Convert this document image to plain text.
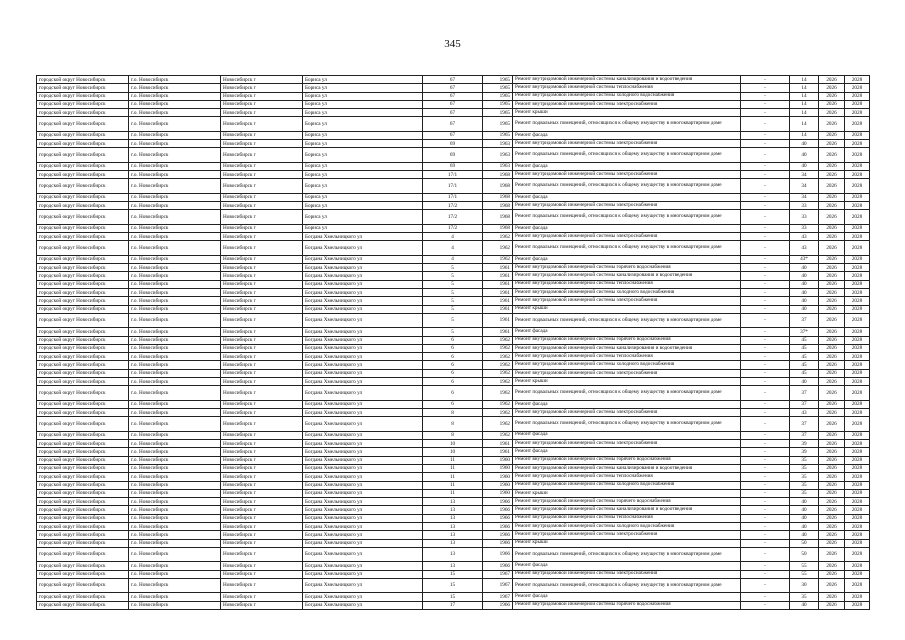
345
городской округ Новосибирск	г.о. Новосибирск	Новосибирск г	Бориса ул	67	1965	Ремонт внутридомовой инженерной системы канализирования и водоотведения	-	14	2026	2028
городской округ Новосибирск	г.о. Новосибирск	Новосибирск г	Бориса ул	67	1965	Ремонт внутридомовой инженерной системы теплоснабжения	-	14	2026	2028
городской округ Новосибирск	г.о. Новосибирск	Новосибирск г	Бориса ул	67	1965	Ремонт внутридомовой инженерной системы холодного водоснабжения	-	14	2026	2028
городской округ Новосибирск	г.о. Новосибирск	Новосибирск г	Бориса ул	67	1965	Ремонт внутридомовой инженерной системы электроснабжения	-	14	2026	2028
городской округ Новосибирск	г.о. Новосибирск	Новосибирск г	Бориса ул	67	1965	Ремонт крыши	-	14	2026	2028
городской округ Новосибирск	г.о. Новосибирск	Новосибирск г	Бориса ул	67	1965	Ремонт подвальных помещений, относящихся к общему имуществу в многоквартирном доме	-	14	2026	2028
городской округ Новосибирск	г.о. Новосибирск	Новосибирск г	Бориса ул	67	1965	Ремонт фасада	-	14	2026	2028
городской округ Новосибирск	г.о. Новосибирск	Новосибирск г	Бориса ул	69	1963	Ремонт внутридомовой инженерной системы электроснабжения	-	40	2026	2028
городской округ Новосибирск	г.о. Новосибирск	Новосибирск г	Бориса ул	69	1963	Ремонт подвальных помещений, относящихся к общему имуществу в многоквартирном доме	-	40	2026	2028
городской округ Новосибирск	г.о. Новосибирск	Новосибирск г	Бориса ул	69	1963	Ремонт фасада	-	40	2026	2028
городской округ Новосибирск	г.о. Новосибирск	Новосибирск г	Бориса ул	17/1	1968	Ремонт внутридомовой инженерной системы электроснабжения	-	34	2026	2028
городской округ Новосибирск	г.о. Новосибирск	Новосибирск г	Бориса ул	17/1	1968	Ремонт подвальных помещений, относящихся к общему имуществу в многоквартирном доме	-	34	2026	2028
городской округ Новосибирск	г.о. Новосибирск	Новосибирск г	Бориса ул	17/1	1968	Ремонт фасада	-	34	2026	2028
городской округ Новосибирск	г.о. Новосибирск	Новосибирск г	Бориса ул	17/2	1968	Ремонт внутридомовой инженерной системы электроснабжения	-	33	2026	2028
городской округ Новосибирск	г.о. Новосибирск	Новосибирск г	Бориса ул	17/2	1968	Ремонт подвальных помещений, относящихся к общему имуществу в многоквартирном доме	-	33	2026	2028
городской округ Новосибирск	г.о. Новосибирск	Новосибирск г	Бориса ул	17/2	1968	Ремонт фасада	-	33	2026	2028
городской округ Новосибирск	г.о. Новосибирск	Новосибирск г	Богдана Хмельницкого ул	4	1962	Ремонт внутридомовой инженерной системы электроснабжения	-	43	2026	2028
городской округ Новосибирск	г.о. Новосибирск	Новосибирск г	Богдана Хмельницкого ул	4	1962	Ремонт подвальных помещений, относящихся к общему имуществу в многоквартирном доме	-	43	2026	2028
городской округ Новосибирск	г.о. Новосибирск	Новосибирск г	Богдана Хмельницкого ул	4	1962	Ремонт фасада	-	43*	2026	2028
городской округ Новосибирск	г.о. Новосибирск	Новосибирск г	Богдана Хмельницкого ул	5	1961	Ремонт внутридомовой инженерной системы горячего водоснабжения	-	40	2026	2028
городской округ Новосибирск	г.о. Новосибирск	Новосибирск г	Богдана Хмельницкого ул	5	1961	Ремонт внутридомовой инженерной системы канализирования и водоотведения	-	40	2026	2028
городской округ Новосибирск	г.о. Новосибирск	Новосибирск г	Богдана Хмельницкого ул	5	1961	Ремонт внутридомовой инженерной системы теплоснабжения	-	40	2026	2028
городской округ Новосибирск	г.о. Новосибирск	Новосибирск г	Богдана Хмельницкого ул	5	1961	Ремонт внутридомовой инженерной системы холодного водоснабжения	-	40	2026	2028
городской округ Новосибирск	г.о. Новосибирск	Новосибирск г	Богдана Хмельницкого ул	5	1961	Ремонт внутридомовой инженерной системы электроснабжения	-	40	2026	2028
городской округ Новосибирск	г.о. Новосибирск	Новосибирск г	Богдана Хмельницкого ул	5	1961	Ремонт крыши	-	40	2026	2028
городской округ Новосибирск	г.о. Новосибирск	Новосибирск г	Богдана Хмельницкого ул	5	1961	Ремонт подвальных помещений, относящихся к общему имуществу в многоквартирном доме	-	37	2026	2028
городской округ Новосибирск	г.о. Новосибирск	Новосибирск г	Богдана Хмельницкого ул	5	1961	Ремонт фасада	-	37*	2026	2028
городской округ Новосибирск	г.о. Новосибирск	Новосибирск г	Богдана Хмельницкого ул	6	1962	Ремонт внутридомовой инженерной системы горячего водоснабжения	-	45	2026	2028
городской округ Новосибирск	г.о. Новосибирск	Новосибирск г	Богдана Хмельницкого ул	6	1962	Ремонт внутридомовой инженерной системы канализирования и водоотведения	-	45	2026	2028
городской округ Новосибирск	г.о. Новосибирск	Новосибирск г	Богдана Хмельницкого ул	6	1962	Ремонт внутридомовой инженерной системы теплоснабжения	-	45	2026	2028
городской округ Новосибирск	г.о. Новосибирск	Новосибирск г	Богдана Хмельницкого ул	6	1962	Ремонт внутридомовой инженерной системы холодного водоснабжения	-	45	2026	2028
городской округ Новосибирск	г.о. Новосибирск	Новосибирск г	Богдана Хмельницкого ул	6	1962	Ремонт внутридомовой инженерной системы электроснабжения	-	45	2026	2028
городской округ Новосибирск	г.о. Новосибирск	Новосибирск г	Богдана Хмельницкого ул	6	1962	Ремонт крыши	-	40	2026	2028
городской округ Новосибирск	г.о. Новосибирск	Новосибирск г	Богдана Хмельницкого ул	6	1962	Ремонт подвальных помещений, относящихся к общему имуществу в многоквартирном доме	-	37	2026	2028
городской округ Новосибирск	г.о. Новосибирск	Новосибирск г	Богдана Хмельницкого ул	6	1962	Ремонт фасада	-	37	2026	2028
городской округ Новосибирск	г.о. Новосибирск	Новосибирск г	Богдана Хмельницкого ул	8	1962	Ремонт внутридомовой инженерной системы электроснабжения	-	43	2026	2028
городской округ Новосибирск	г.о. Новосибирск	Новосибирск г	Богдана Хмельницкого ул	8	1962	Ремонт подвальных помещений, относящихся к общему имуществу в многоквартирном доме	-	37	2026	2028
городской округ Новосибирск	г.о. Новосибирск	Новосибирск г	Богдана Хмельницкого ул	8	1962	Ремонт фасада	-	37	2026	2028
городской округ Новосибирск	г.о. Новосибирск	Новосибирск г	Богдана Хмельницкого ул	10	1961	Ремонт внутридомовой инженерной системы электроснабжения	-	39	2026	2028
городской округ Новосибирск	г.о. Новосибирск	Новосибирск г	Богдана Хмельницкого ул	10	1961	Ремонт фасада	-	39	2026	2028
городской округ Новосибирск	г.о. Новосибирск	Новосибирск г	Богдана Хмельницкого ул	11	1960	Ремонт внутридомовой инженерной системы горячего водоснабжения	-	35	2026	2028
городской округ Новосибирск	г.о. Новосибирск	Новосибирск г	Богдана Хмельницкого ул	11	1960	Ремонт внутридомовой инженерной системы канализирования и водоотведения	-	35	2026	2028
городской округ Новосибирск	г.о. Новосибирск	Новосибирск г	Богдана Хмельницкого ул	11	1960	Ремонт внутридомовой инженерной системы теплоснабжения	-	35	2026	2028
городской округ Новосибирск	г.о. Новосибирск	Новосибирск г	Богдана Хмельницкого ул	11	1960	Ремонт внутридомовой инженерной системы холодного водоснабжения	-	35	2026	2028
городской округ Новосибирск	г.о. Новосибирск	Новосибирск г	Богдана Хмельницкого ул	11	1960	Ремонт крыши	-	35	2026	2028
городской округ Новосибирск	г.о. Новосибирск	Новосибирск г	Богдана Хмельницкого ул	13	1966	Ремонт внутридомовой инженерной системы горячего водоснабжения	-	40	2026	2028
городской округ Новосибирск	г.о. Новосибирск	Новосибирск г	Богдана Хмельницкого ул	13	1966	Ремонт внутридомовой инженерной системы канализирования и водоотведения	-	40	2026	2028
городской округ Новосибирск	г.о. Новосибирск	Новосибирск г	Богдана Хмельницкого ул	13	1966	Ремонт внутридомовой инженерной системы теплоснабжения	-	40	2026	2028
городской округ Новосибирск	г.о. Новосибирск	Новосибирск г	Богдана Хмельницкого ул	13	1966	Ремонт внутридомовой инженерной системы холодного водоснабжения	-	40	2026	2028
городской округ Новосибирск	г.о. Новосибирск	Новосибирск г	Богдана Хмельницкого ул	13	1966	Ремонт внутридомовой инженерной системы электроснабжения	-	40	2026	2028
городской округ Новосибирск	г.о. Новосибирск	Новосибирск г	Богдана Хмельницкого ул	13	1966	Ремонт крыши	-	50	2026	2028
городской округ Новосибирск	г.о. Новосибирск	Новосибирск г	Богдана Хмельницкого ул	13	1966	Ремонт подвальных помещений, относящихся к общему имуществу в многоквартирном доме	-	50	2026	2028
городской округ Новосибирск	г.о. Новосибирск	Новосибирск г	Богдана Хмельницкого ул	13	1966	Ремонт фасада	-	55	2026	2028
городской округ Новосибирск	г.о. Новосибирск	Новосибирск г	Богдана Хмельницкого ул	15	1967	Ремонт внутридомовой инженерной системы электроснабжения	-	55	2026	2028
городской округ Новосибирск	г.о. Новосибирск	Новосибирск г	Богдана Хмельницкого ул	15	1967	Ремонт подвальных помещений, относящихся к общему имуществу в многоквартирном доме	-	30	2026	2028
городской округ Новосибирск	г.о. Новосибирск	Новосибирск г	Богдана Хмельницкого ул	15	1967	Ремонт фасада	-	35	2026	2028
городской округ Новосибирск	г.о. Новосибирск	Новосибирск г	Богдана Хмельницкого ул	17	1966	Ремонт внутридомовой инженерной системы горячего водоснабжения	-	40	2026	2028
